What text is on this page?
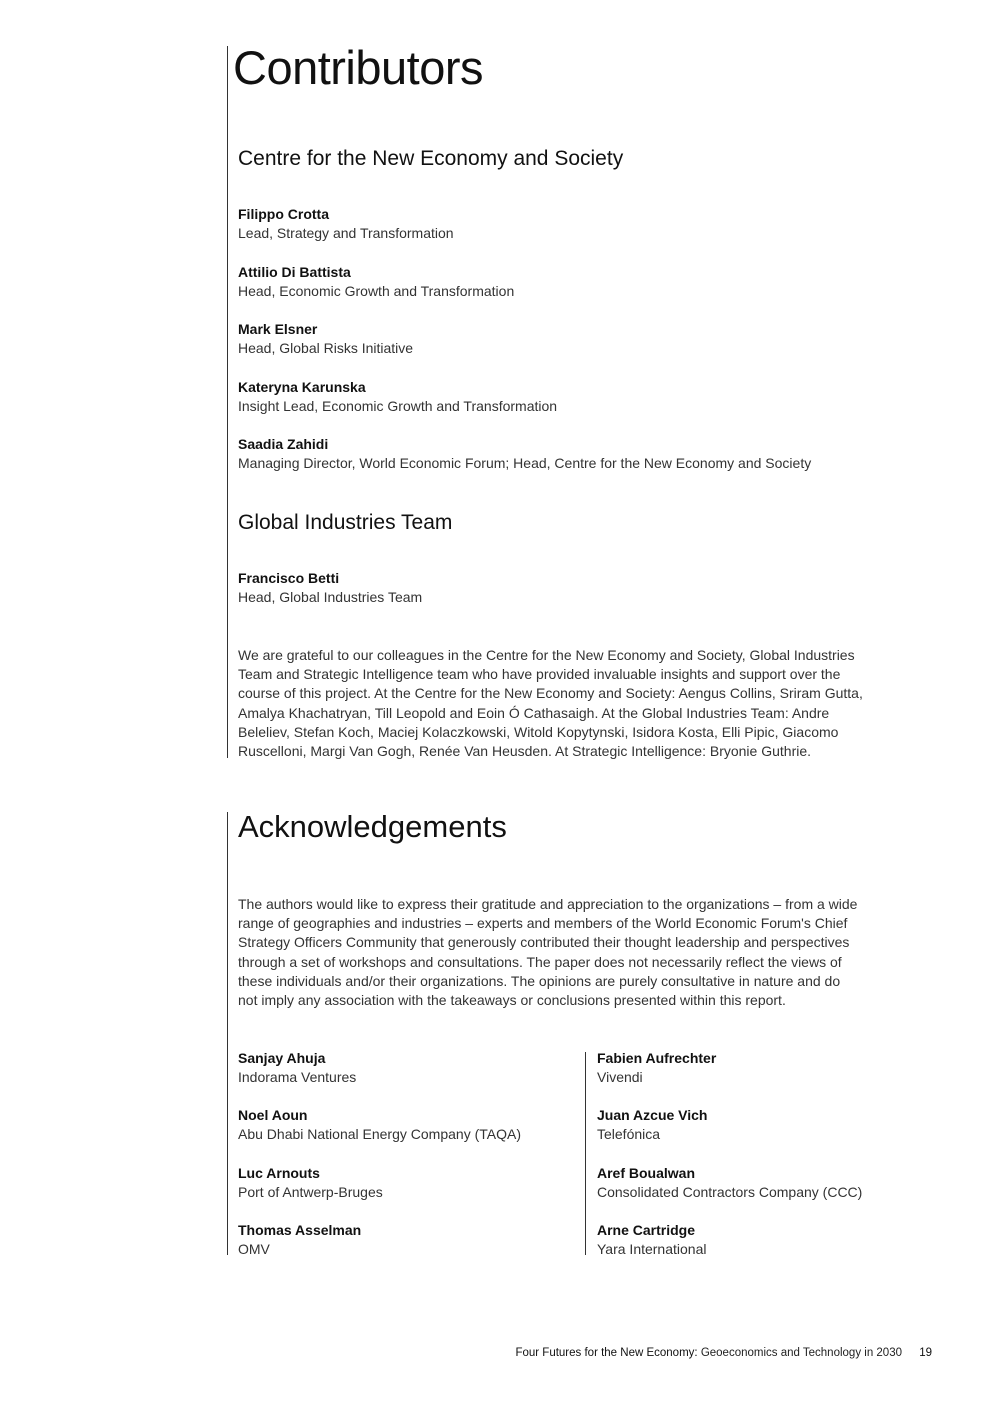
Contributors
Centre for the New Economy and Society
Filippo Crotta
Lead, Strategy and Transformation
Attilio Di Battista
Head, Economic Growth and Transformation
Mark Elsner
Head, Global Risks Initiative
Kateryna Karunska
Insight Lead, Economic Growth and Transformation
Saadia Zahidi
Managing Director, World Economic Forum; Head, Centre for the New Economy and Society
Global Industries Team
Francisco Betti
Head, Global Industries Team
We are grateful to our colleagues in the Centre for the New Economy and Society, Global Industries
Team and Strategic Intelligence team who have provided invaluable insights and support over the
course of this project. At the Centre for the New Economy and Society: Aengus Collins, Sriram Gutta,
Amalya Khachatryan, Till Leopold and Eoin Ó Cathasaigh. At the Global Industries Team: Andre
Beleliev, Stefan Koch, Maciej Kolaczkowski, Witold Kopytynski, Isidora Kosta, Elli Pipic, Giacomo
Ruscelloni, Margi Van Gogh, Renée Van Heusden. At Strategic Intelligence: Bryonie Guthrie.
Acknowledgements
The authors would like to express their gratitude and appreciation to the organizations – from a wide
range of geographies and industries – experts and members of the World Economic Forum's Chief
Strategy Officers Community that generously contributed their thought leadership and perspectives
through a set of workshops and consultations. The paper does not necessarily reflect the views of
these individuals and/or their organizations. The opinions are purely consultative in nature and do
not imply any association with the takeaways or conclusions presented within this report.
Sanjay Ahuja
Indorama Ventures
Noel Aoun
Abu Dhabi National Energy Company (TAQA)
Luc Arnouts
Port of Antwerp-Bruges
Thomas Asselman
OMV
Fabien Aufrechter
Vivendi
Juan Azcue Vich
Telefónica
Aref Boualwan
Consolidated Contractors Company (CCC)
Arne Cartridge
Yara International
Four Futures for the New Economy: Geoeconomics and Technology in 2030 19
